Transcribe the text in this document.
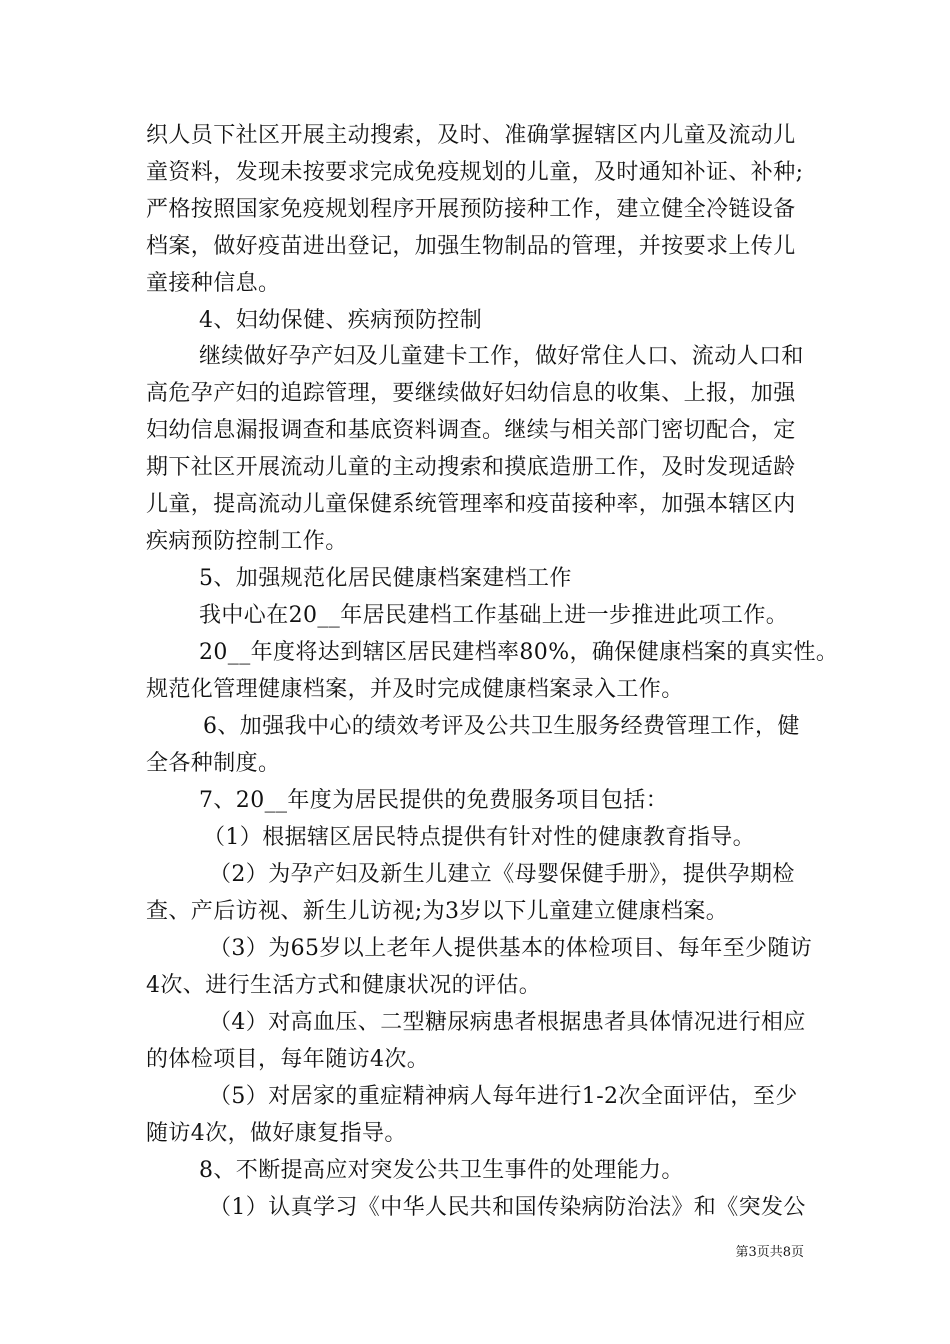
织人员下社区开展主动搜索，及时、准确掌握辖区内儿童及流动儿
童资料，发现未按要求完成免疫规划的儿童，及时通知补证、补种;
严格按照国家免疫规划程序开展预防接种工作，建立健全冷链设备
档案，做好疫苗进出登记，加强生物制品的管理，并按要求上传儿
童接种信息。
4、妇幼保健、疾病预防控制
继续做好孕产妇及儿童建卡工作，做好常住人口、流动人口和
高危孕产妇的追踪管理，要继续做好妇幼信息的收集、上报，加强
妇幼信息漏报调查和基底资料调查。继续与相关部门密切配合，定
期下社区开展流动儿童的主动搜索和摸底造册工作，及时发现适龄
儿童，提高流动儿童保健系统管理率和疫苗接种率，加强本辖区内
疾病预防控制工作。
5、加强规范化居民健康档案建档工作
我中心在20__年居民建档工作基础上进一步推进此项工作。
20__年度将达到辖区居民建档率80%，确保健康档案的真实性。
规范化管理健康档案，并及时完成健康档案录入工作。
6、加强我中心的绩效考评及公共卫生服务经费管理工作，健
全各种制度。
7、20__年度为居民提供的免费服务项目包括：
（1）根据辖区居民特点提供有针对性的健康教育指导。
（2）为孕产妇及新生儿建立《母婴保健手册》，提供孕期检
查、产后访视、新生儿访视;为3岁以下儿童建立健康档案。
（3）为65岁以上老年人提供基本的体检项目、每年至少随访
4次、进行生活方式和健康状况的评估。
（4）对高血压、二型糖尿病患者根据患者具体情况进行相应
的体检项目，每年随访4次。
（5）对居家的重症精神病人每年进行1-2次全面评估，至少
随访4次，做好康复指导。
8、不断提高应对突发公共卫生事件的处理能力。
（1）认真学习《中华人民共和国传染病防治法》和《突发公
第3页共8页
